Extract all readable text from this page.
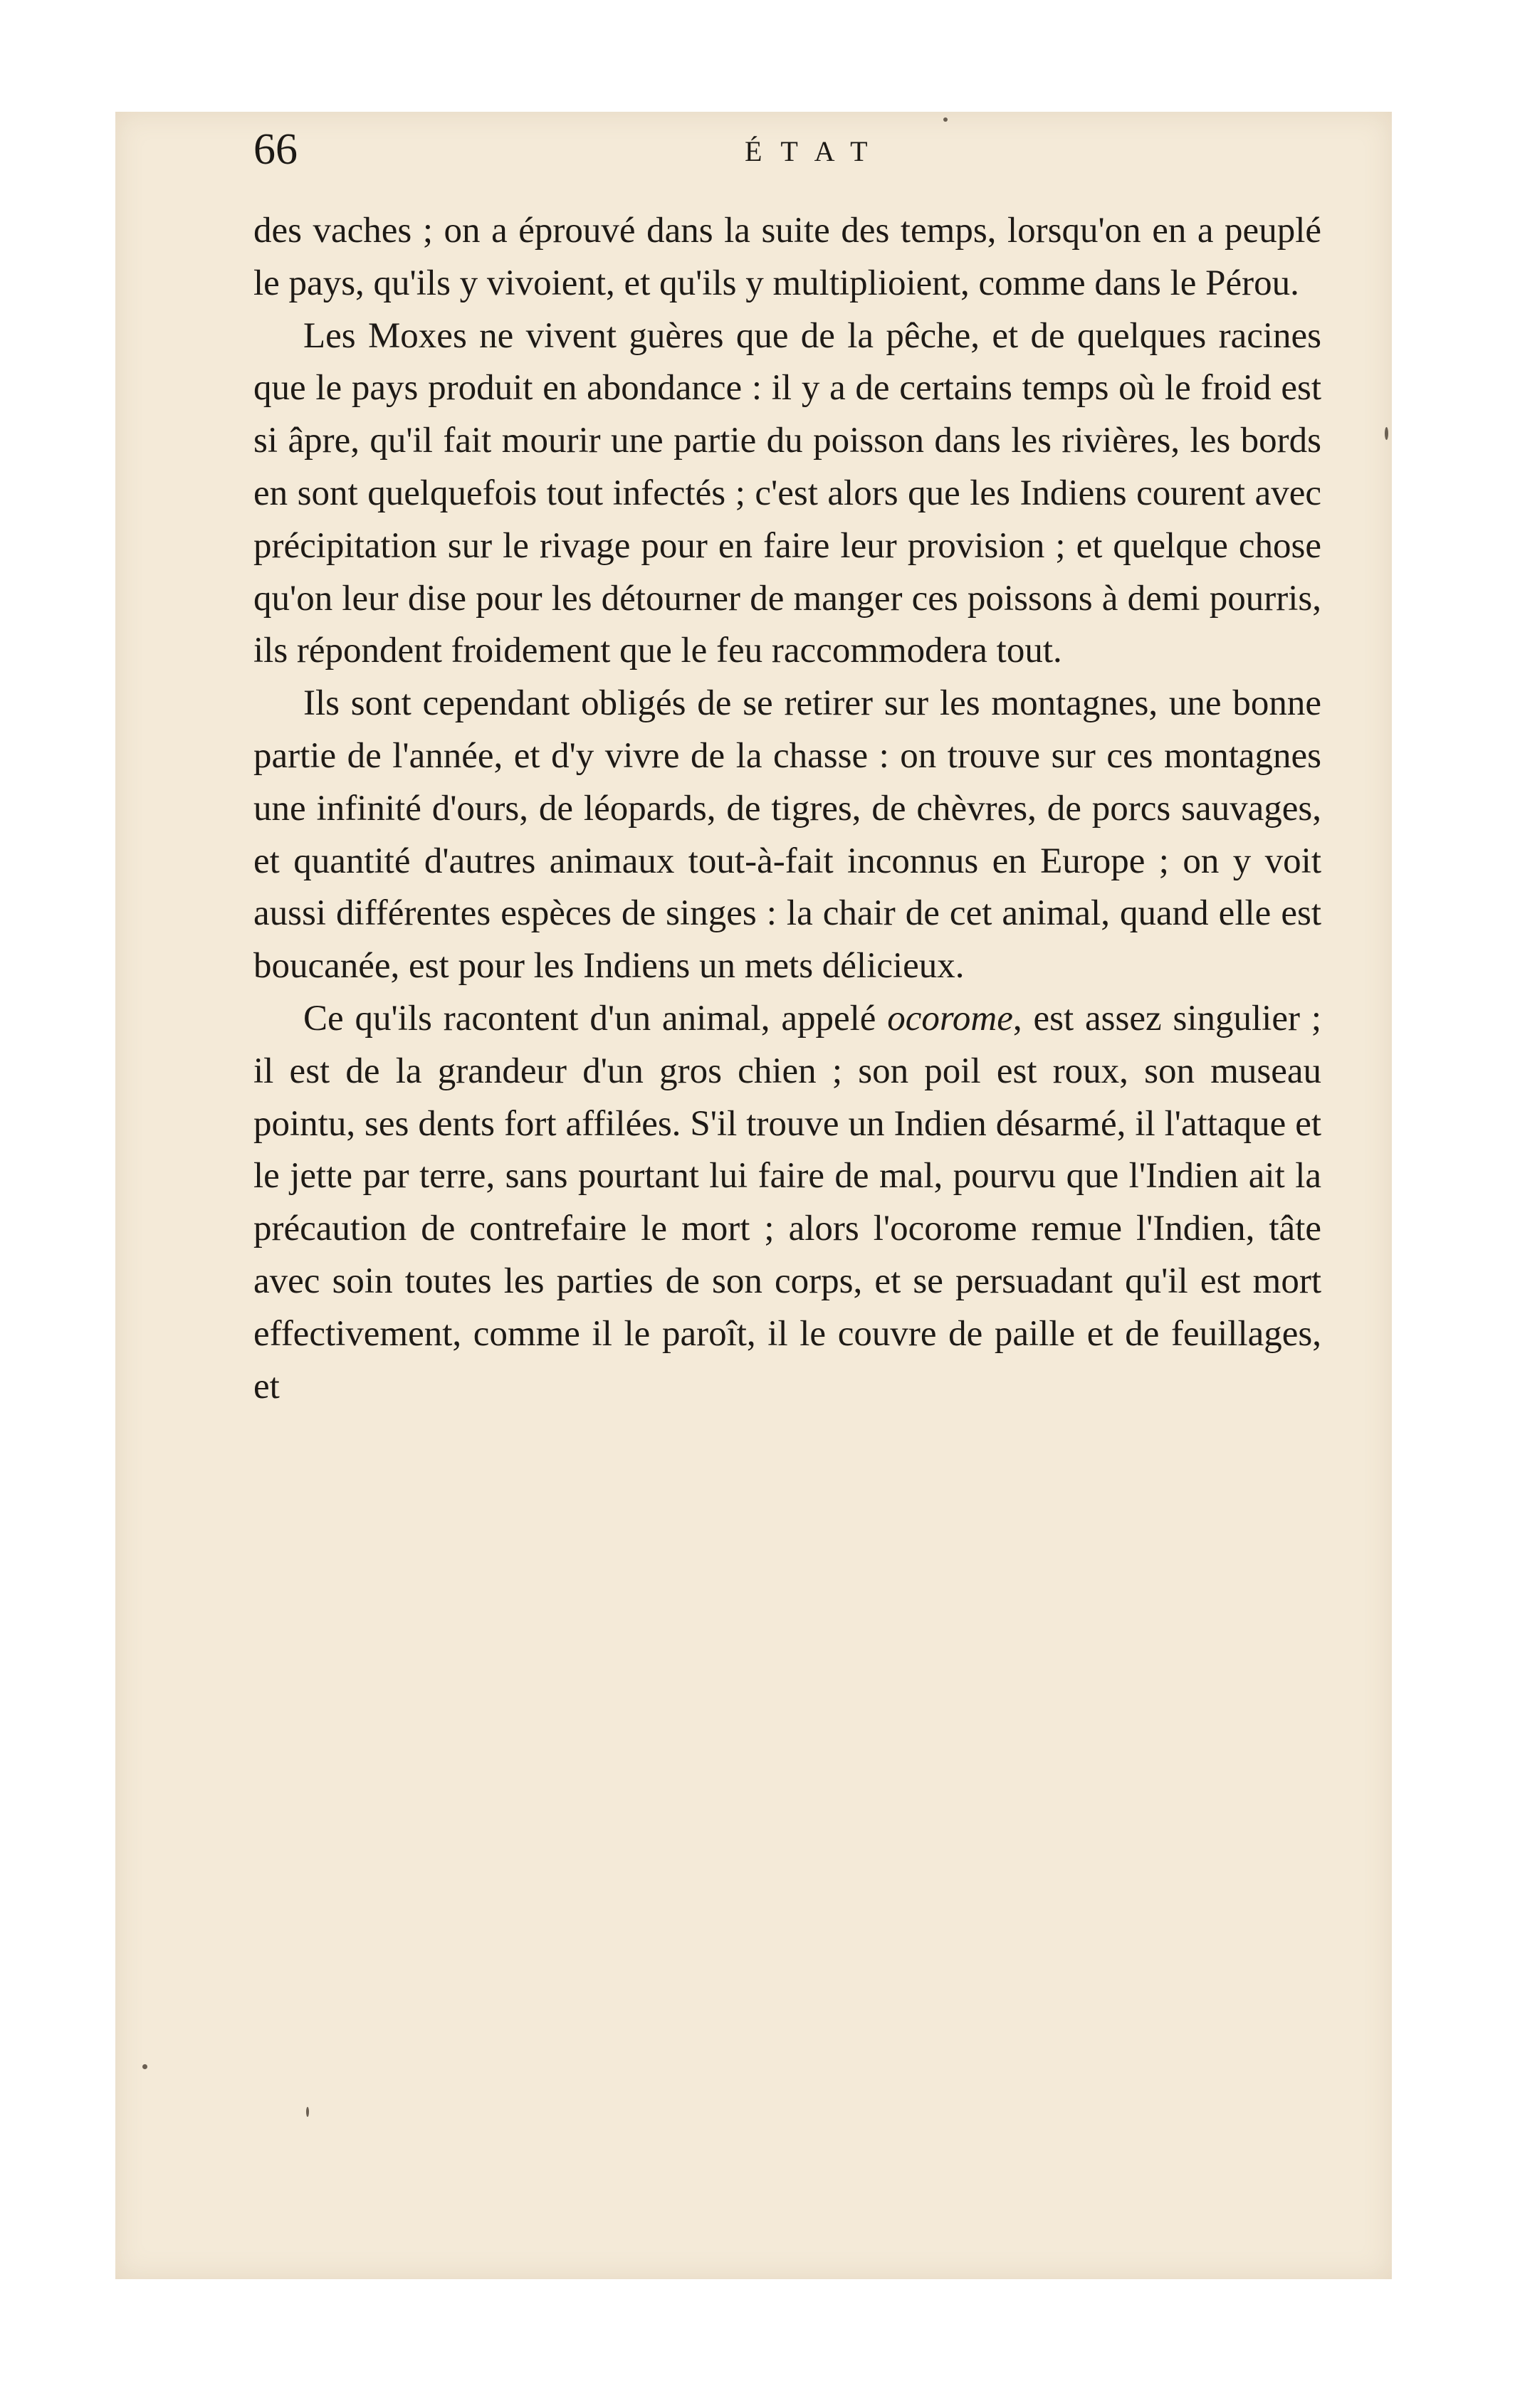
66	ÉTAT

des vaches ; on a éprouvé dans la suite des temps, lorsqu'on en a peuplé le pays, qu'ils y vivoient, et qu'ils y multiplioient, comme dans le Pérou.

Les Moxes ne vivent guères que de la pêche, et de quelques racines que le pays produit en abondance : il y a de certains temps où le froid est si âpre, qu'il fait mourir une partie du poisson dans les rivières, les bords en sont quelquefois tout infectés ; c'est alors que les Indiens courent avec précipitation sur le rivage pour en faire leur provision ; et quelque chose qu'on leur dise pour les détourner de manger ces poissons à demi pourris, ils répondent froidement que le feu raccommodera tout.

Ils sont cependant obligés de se retirer sur les montagnes, une bonne partie de l'année, et d'y vivre de la chasse : on trouve sur ces montagnes une infinité d'ours, de léopards, de tigres, de chèvres, de porcs sauvages, et quantité d'autres animaux tout-à-fait inconnus en Europe ; on y voit aussi différentes espèces de singes : la chair de cet animal, quand elle est boucanée, est pour les Indiens un mets délicieux.

Ce qu'ils racontent d'un animal, appelé ocorome, est assez singulier ; il est de la grandeur d'un gros chien ; son poil est roux, son museau pointu, ses dents fort affilées. S'il trouve un Indien désarmé, il l'attaque et le jette par terre, sans pourtant lui faire de mal, pourvu que l'Indien ait la précaution de contrefaire le mort ; alors l'ocorome remue l'Indien, tâte avec soin toutes les parties de son corps, et se persuadant qu'il est mort effectivement, comme il le paroît, il le couvre de paille et de feuillages, et
